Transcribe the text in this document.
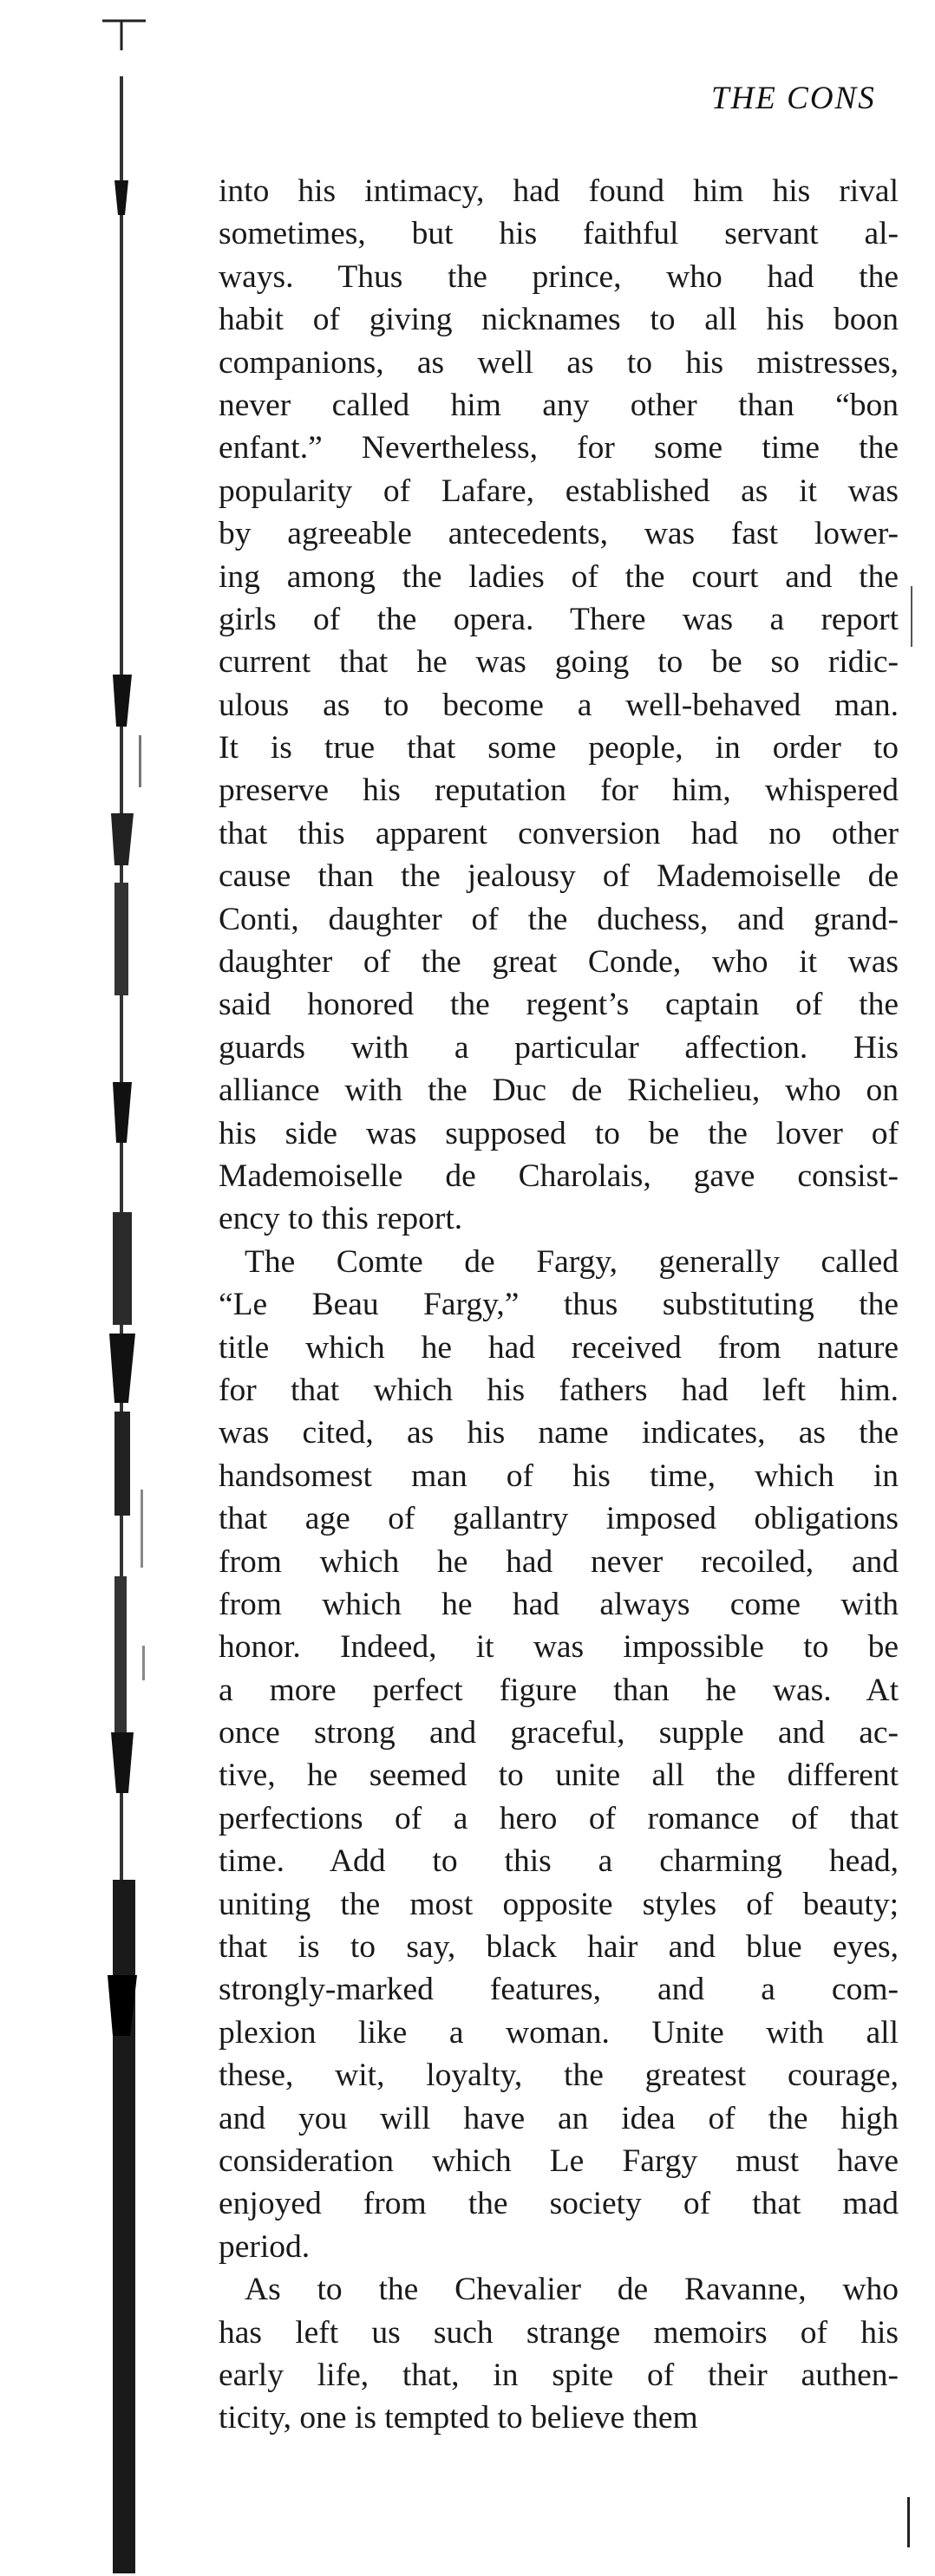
THE CONS
into his intimacy, had found him his rival
sometimes, but his faithful servant al-
ways. Thus the prince, who had the
habit of giving nicknames to all his boon
companions, as well as to his mistresses,
never called him any other than “bon
enfant.” Nevertheless, for some time the
popularity of Lafare, established as it was
by agreeable antecedents, was fast lower-
ing among the ladies of the court and the
girls of the opera. There was a report
current that he was going to be so ridic-
ulous as to become a well-behaved man.
It is true that some people, in order to
preserve his reputation for him, whispered
that this apparent conversion had no other
cause than the jealousy of Mademoiselle de
Conti, daughter of the duchess, and grand-
daughter of the great Conde, who it was
said honored the regent’s captain of the
guards with a particular affection. His
alliance with the Duc de Richelieu, who on
his side was supposed to be the lover of
Mademoiselle de Charolais, gave consist-
ency to this report.
The Comte de Fargy, generally called
“Le Beau Fargy,” thus substituting the
title which he had received from nature
for that which his fathers had left him.
was cited, as his name indicates, as the
handsomest man of his time, which in
that age of gallantry imposed obligations
from which he had never recoiled, and
from which he had always come with
honor. Indeed, it was impossible to be
a more perfect figure than he was. At
once strong and graceful, supple and ac-
tive, he seemed to unite all the different
perfections of a hero of romance of that
time. Add to this a charming head,
uniting the most opposite styles of beauty;
that is to say, black hair and blue eyes,
strongly-marked features, and a com-
plexion like a woman. Unite with all
these, wit, loyalty, the greatest courage,
and you will have an idea of the high
consideration which Le Fargy must have
enjoyed from the society of that mad
period.
As to the Chevalier de Ravanne, who
has left us such strange memoirs of his
early life, that, in spite of their authen-
ticity, one is tempted to believe them
